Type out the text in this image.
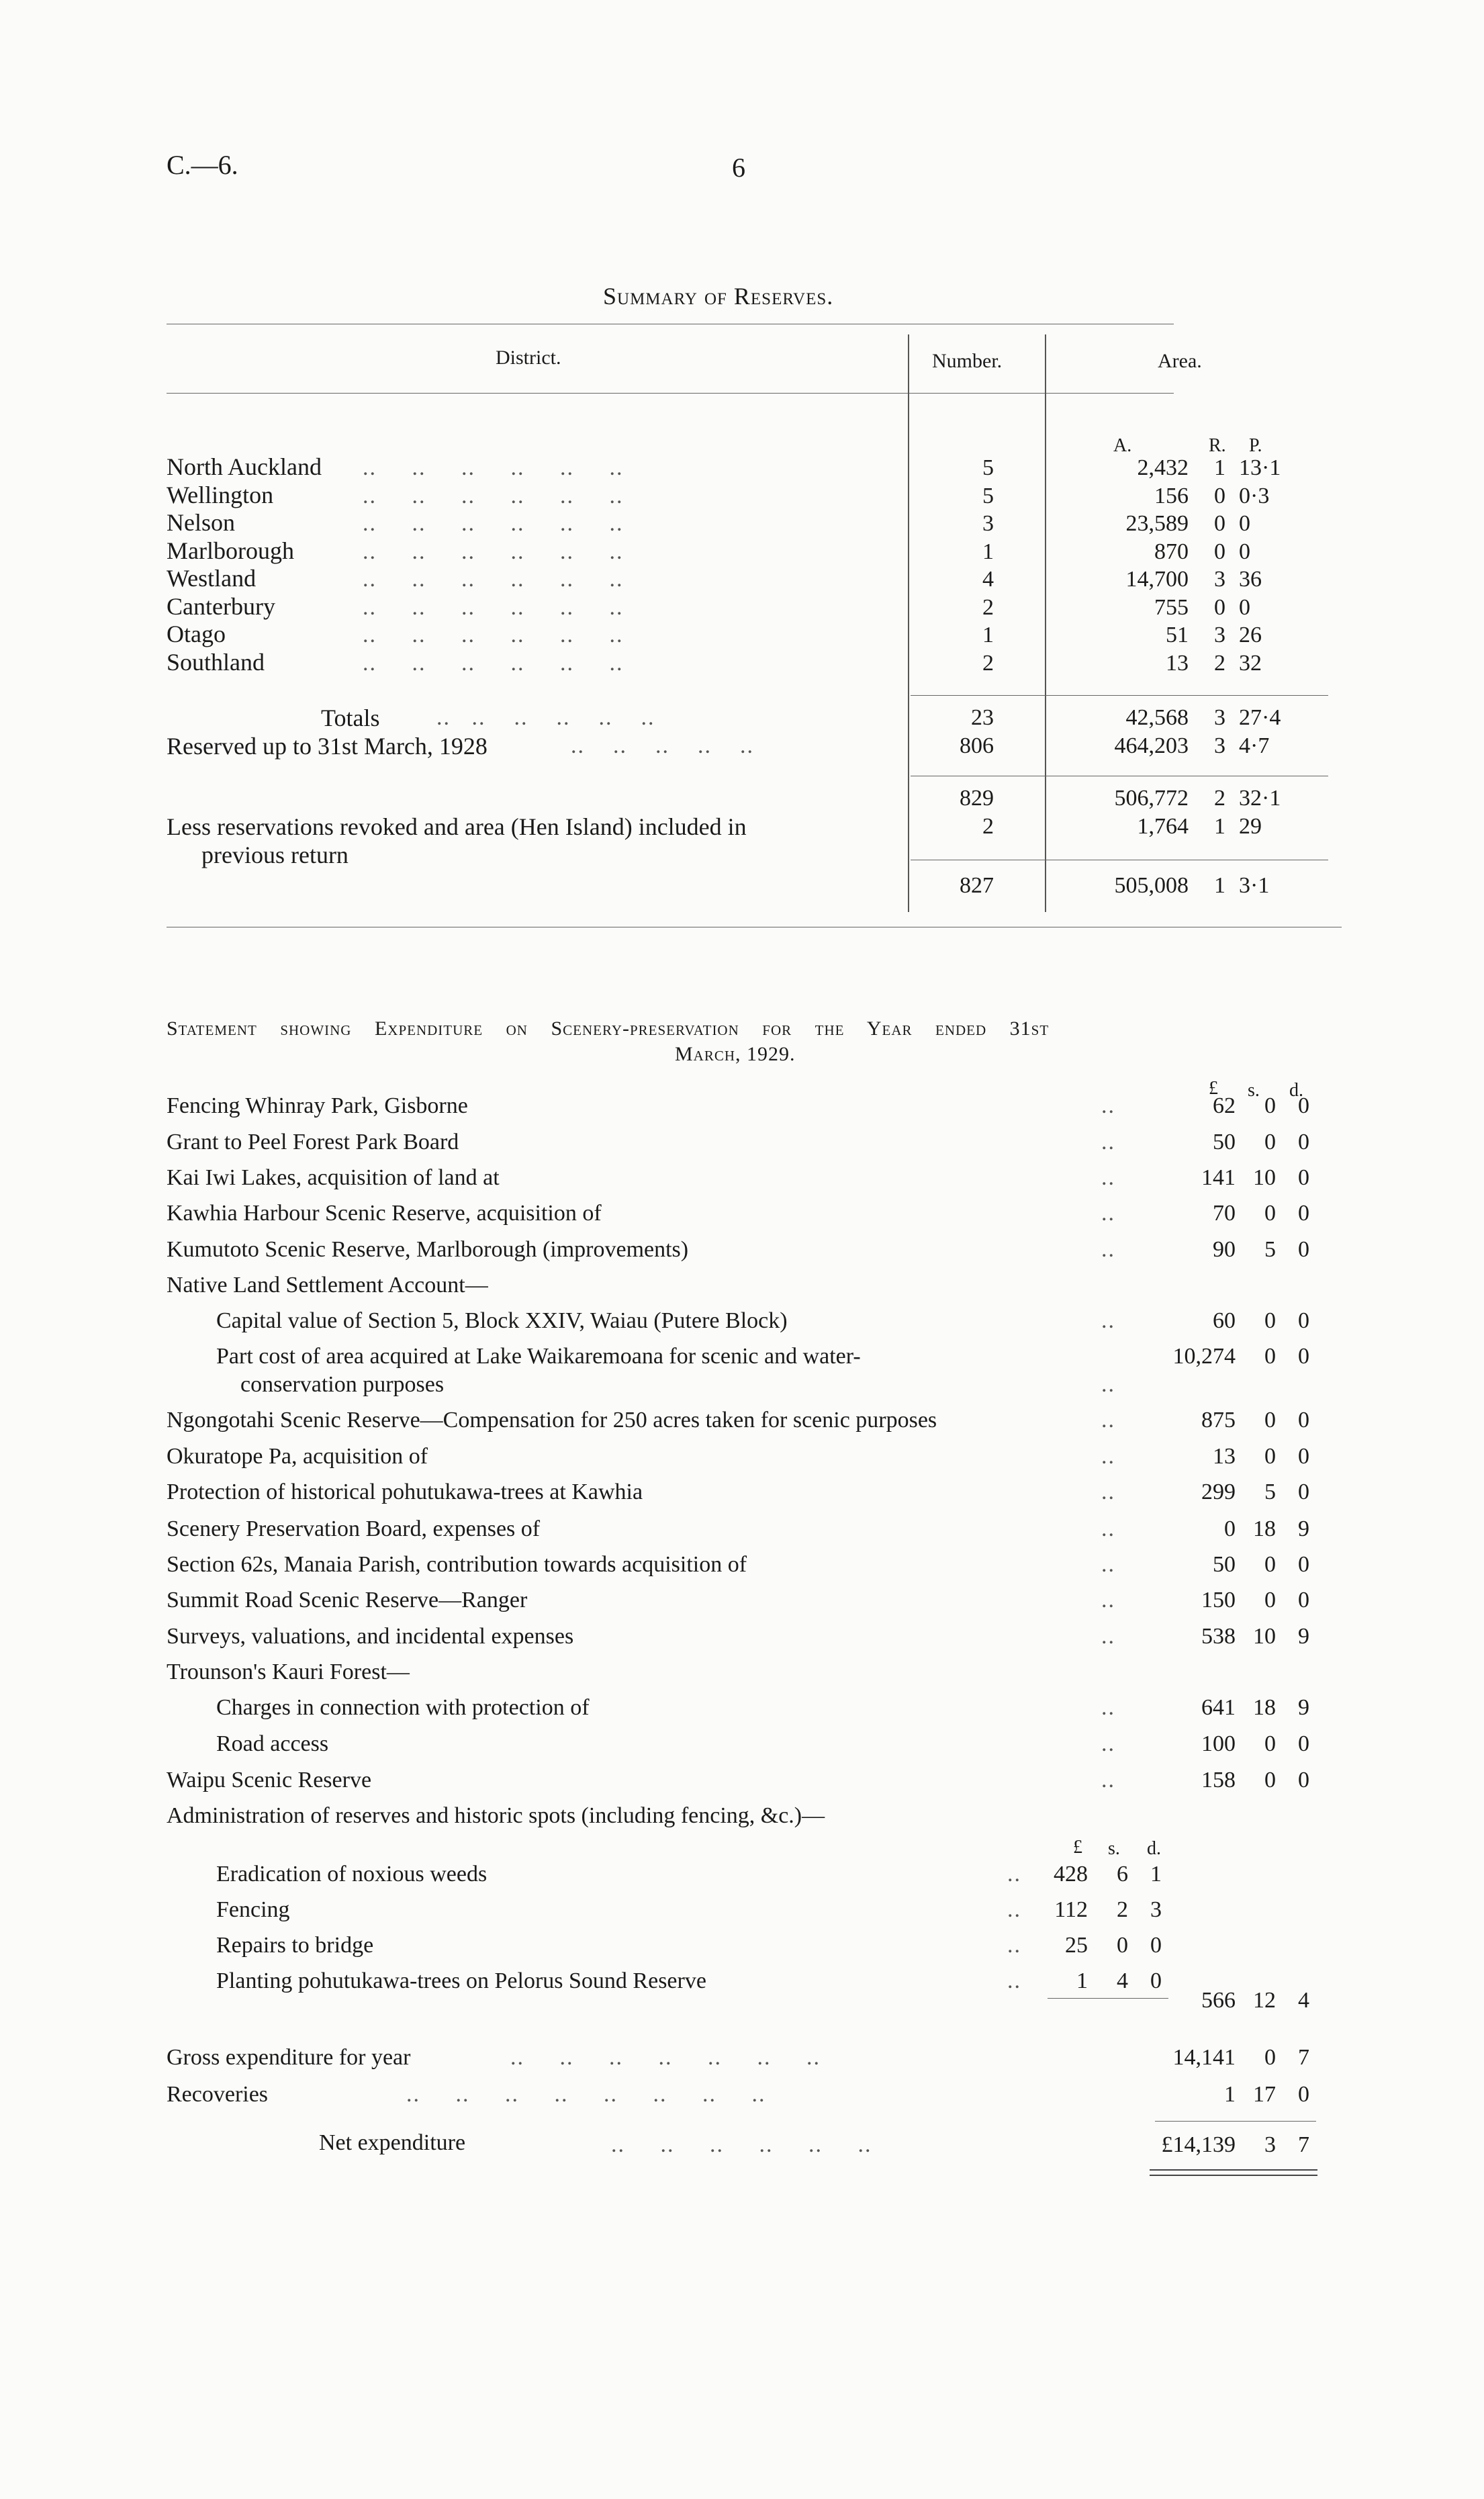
C.—6.	6
Summary of Reserves.
District.	Number.	Area.
A.	R. P.
North Auckland ..     ..     ..     ..     ..     ..	5	2,432 1 13·1
Wellington	..     ..     ..     ..     ..     ..	5	156 0 0·3
Nelson	..     ..     ..     ..     ..     ..	3	23,589 0 0
Marlborough	..     ..     ..     ..     ..     ..	1	870 0 0
Westland	..     ..     ..     ..     ..     ..	4	14,700 3 36
Canterbury	..     ..     ..     ..     ..     ..	2	755 0 0
Otago	..     ..     ..     ..     ..     ..	1	51 3 26
Southland	..     ..     ..     ..     ..     ..	2	13 2 32
Totals ..   ..    ..    ..    ..    ..	23	42,568 3 27·4
Reserved up to 31st March, 1928	..    ..    ..    ..    ..	806	464,203 3 4·7
829	506,772 2 32·1
Less reservations revoked and area (Hen Island) included in
previous return
2	1,764 1 29
827	505,008 1 3·1
Statement showing Expenditure on Scenery-preservation for the Year ended 31st
March, 1929.
£ s. d.
Fencing Whinray Park, Gisborne	..	62	0 0
Grant to Peel Forest Park Board	..	50	0 0
Kai Iwi Lakes, acquisition of land at	..	141 10 0
Kawhia Harbour Scenic Reserve, acquisition of	..	70	0 0
Kumutoto Scenic Reserve, Marlborough (improvements)	..	90	5 0
Native Land Settlement Account—
Capital value of Section 5, Block XXIV, Waiau (Putere Block)	..	60	0 0
Part cost of area acquired at Lake Waikaremoana for scenic and water-
conservation purposes	..
10,274	0 0
Ngongotahi Scenic Reserve—Compensation for 250 acres taken for scenic purposes	..	875	0 0
Okuratope Pa, acquisition of	..	13	0 0
Protection of historical pohutukawa-trees at Kawhia	..	299	5 0
Scenery Preservation Board, expenses of	..	0 18 9
Section 62s, Manaia Parish, contribution towards acquisition of	..	50	0 0
Summit Road Scenic Reserve—Ranger	..	150	0 0
Surveys, valuations, and incidental expenses	..	538 10 9
Trounson's Kauri Forest—
Charges in connection with protection of	..	641 18 9
Road access	..	100	0 0
Waipu Scenic Reserve	..	158	0 0
Administration of reserves and historic spots (including fencing, &c.)—
£ s. d.
Eradication of noxious weeds	..	428	6 1
Fencing	..	112	2 3
Repairs to bridge	..	25	0 0
Planting pohutukawa-trees on Pelorus Sound Reserve	..	1	4 0
566 12 4
Gross expenditure for year	..     ..     ..     ..     ..     ..     ..	14,141	0 7
Recoveries	..     ..     ..     ..     ..     ..     ..     ..	1 17 0
Net expenditure	..     ..     ..     ..     ..     ..	£14,139	3 7
